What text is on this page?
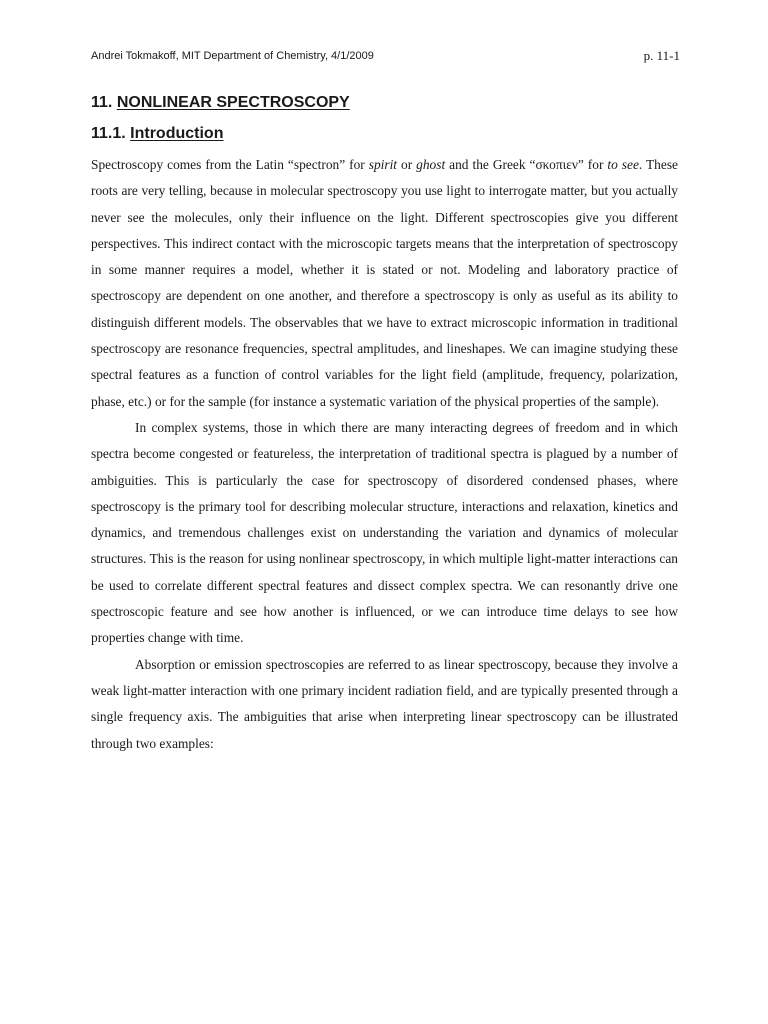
Andrei Tokmakoff, MIT Department of Chemistry, 4/1/2009	p. 11-1
11. NONLINEAR SPECTROSCOPY
11.1. Introduction

Spectroscopy comes from the Latin “spectron” for spirit or ghost and the Greek “σκοπιεν” for to see. These roots are very telling, because in molecular spectroscopy you use light to interrogate matter, but you actually never see the molecules, only their influence on the light. Different spectroscopies give you different perspectives. This indirect contact with the microscopic targets means that the interpretation of spectroscopy in some manner requires a model, whether it is stated or not. Modeling and laboratory practice of spectroscopy are dependent on one another, and therefore a spectroscopy is only as useful as its ability to distinguish different models. The observables that we have to extract microscopic information in traditional spectroscopy are resonance frequencies, spectral amplitudes, and lineshapes. We can imagine studying these spectral features as a function of control variables for the light field (amplitude, frequency, polarization, phase, etc.) or for the sample (for instance a systematic variation of the physical properties of the sample).

In complex systems, those in which there are many interacting degrees of freedom and in which spectra become congested or featureless, the interpretation of traditional spectra is plagued by a number of ambiguities. This is particularly the case for spectroscopy of disordered condensed phases, where spectroscopy is the primary tool for describing molecular structure, interactions and relaxation, kinetics and dynamics, and tremendous challenges exist on understanding the variation and dynamics of molecular structures. This is the reason for using nonlinear spectroscopy, in which multiple light-matter interactions can be used to correlate different spectral features and dissect complex spectra. We can resonantly drive one spectroscopic feature and see how another is influenced, or we can introduce time delays to see how properties change with time.

Absorption or emission spectroscopies are referred to as linear spectroscopy, because they involve a weak light-matter interaction with one primary incident radiation field, and are typically presented through a single frequency axis. The ambiguities that arise when interpreting linear spectroscopy can be illustrated through two examples:
